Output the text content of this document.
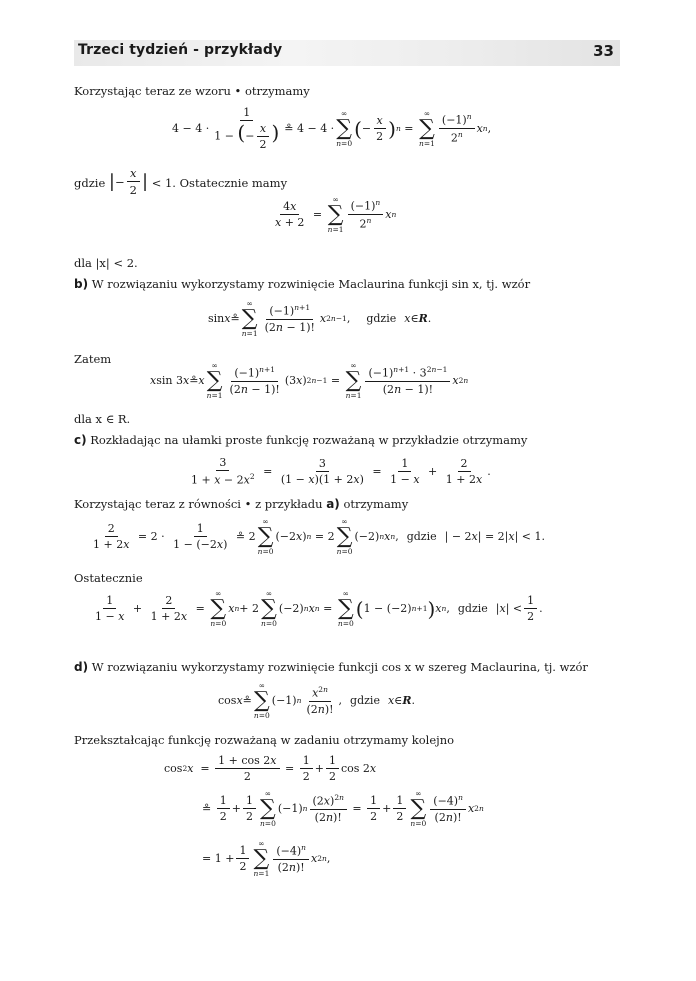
Trzeci tydzień - przykłady	33
Korzystając teraz ze wzoru • otrzymamy
4 − 4 ·
1
1 − (− $\frac{x}{2}$ ) ≗ 4 − 4 ·
∞
∑
n=0
( −
x
2 ) n =
∞
∑
n=1
$(-1)^n$
2$^n$ x n ,
gdzie | −
x
2 | < 1. Ostatecznie mamy
$\frac{4x}{x + 2}$ =
∞
∑
n=1
$(-1)^n$
2$^n$ x n
dla |x| < 2.
b) W rozwiązaniu wykorzystamy rozwinięcie Maclaurina funkcji sin x, tj. wzór
sin x ≗
∞
∑
n=1
$(-1)^{n+1}$
(2n − 1)!
x 2n−1 , gdzie x ∈ R .
Zatem
x sin 3 x ≗ x
∞
∑
n=1
$(-1)^{n+1}$
(2n − 1)!
(3 x ) 2n−1 =
∞
∑
n=1
$(-1)^{n+1} \cdot 3^{2n-1}$
(2n − 1)!
x 2n
dla x ∈ R.
c) Rozkładając na ułamki proste funkcję rozważaną w przykładzie otrzymamy
$\frac{3}{1 + x - 2x^2} = \frac{3}{(1 - x)(1 + 2x)} = \frac{1}{1 - x} + \frac{2}{1 + 2x}$ .
Korzystając teraz z równości • z przykładu a) otrzymamy
$\frac{2}{1 + 2x} = 2$ ·
1
1 − (−2x)
≗ 2
∞
∑
n=0
(−2 x ) n = 2
∞
∑
n=0
(−2) n x n , gdzie | − 2 x | = 2| x | < 1.
Ostatecznie
1
1 − x
+ $\frac{2}{1 + 2x}$ =
∞
∑
n=0
x n + 2
∞
∑
n=0
(−2) n x n =
∞
∑
n=0
( 1 − (−2) n+1 ) x n , gdzie | x | <
1
2
.
d) W rozwiązaniu wykorzystamy rozwinięcie funkcji cos x w szereg Maclaurina, tj. wzór
cos x ≗
∞
∑
n=0
(−1) n
$x^{2n}$
(2n)!
, gdzie x ∈ R .
Przekształcając funkcję rozważaną w zadaniu otrzymamy kolejno
cos 2 $x = \frac{1 + \cos 2x}{2} = \frac{1}{2}$ +
1
2
cos 2 x
≗
1
2
+
1
2
∞
∑
n=0
(−1) n $\frac{(2x)^{2n}}{(2n)!} = \frac{1}{2}$ +
1
2
∞
∑
n=0
$(-4)^n$
(2n)!
x 2n
= 1 +
1
2
∞
∑
n=1
$(-4)^n$
(2n)!
x 2n ,
